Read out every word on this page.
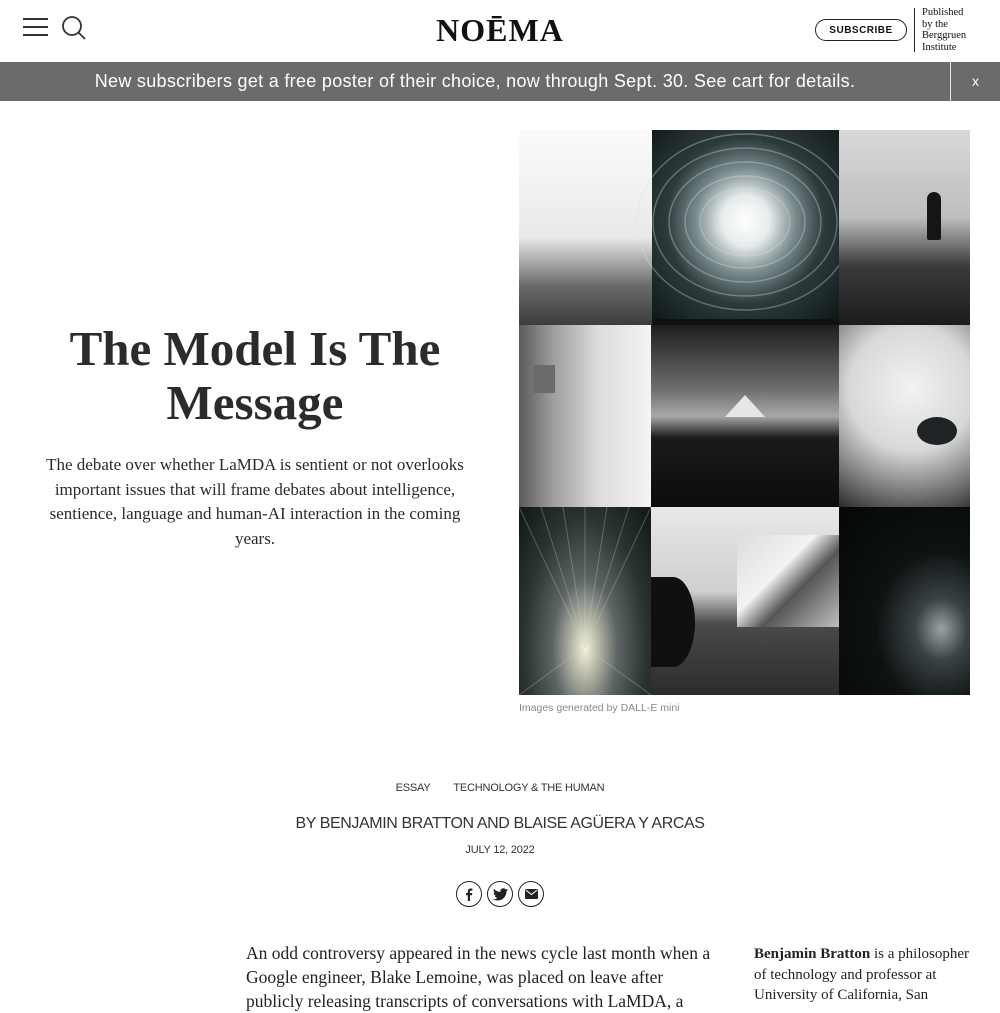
NOĒMA	SUBSCRIBE
Published
by the
Berggruen
Institute
New subscribers get a free poster of their choice, now through Sept. 30. See cart for details.	x
The Model Is The
Message
The debate over whether LaMDA is sentient or not overlooks important issues that will frame debates about intelligence, sentience, language and human-AI interaction in the coming years.
Images generated by DALL-E mini
ESSAY TECHNOLOGY & THE HUMAN
BY BENJAMIN BRATTON AND BLAISE AGÜERA Y ARCAS
JULY 12, 2022
An odd controversy appeared in the news cycle last month when a
Google engineer, Blake Lemoine, was placed on leave after
publicly releasing transcripts of conversations with LaMDA, a
Benjamin Bratton is a philosopher of technology and professor at University of California, San
